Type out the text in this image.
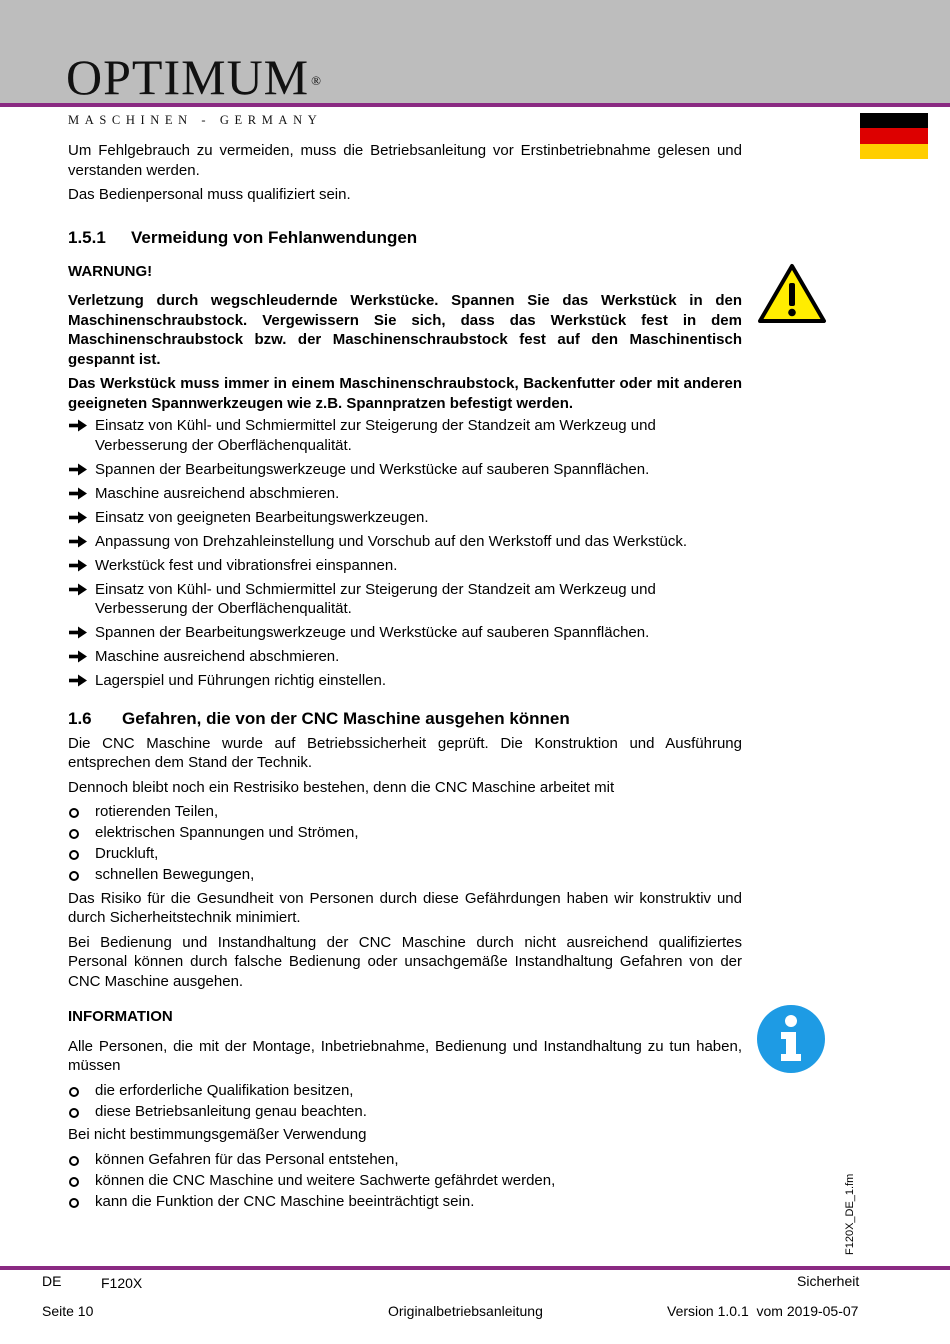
OPTIMUM ®
MASCHINEN - GERMANY

Um Fehlgebrauch zu vermeiden, muss die Betriebsanleitung vor Erstinbetriebnahme gelesen und verstanden werden.

Das Bedienpersonal muss qualifiziert sein.

1.5.1	Vermeidung von Fehlanwendungen

WARNUNG!

Verletzung durch wegschleudernde Werkstücke. Spannen Sie das Werkstück in den Maschinenschraubstock. Vergewissern Sie sich, dass das Werkstück fest in dem Maschinenschraubstock bzw. der Maschinenschraubstock fest auf den Maschinentisch gespannt ist.

Das Werkstück muss immer in einem Maschinenschraubstock, Backenfutter oder mit anderen geeigneten Spannwerkzeugen wie z.B. Spannpratzen befestigt werden.

Einsatz von Kühl- und Schmiermittel zur Steigerung der Standzeit am Werkzeug und Verbesserung der Oberflächenqualität.
Spannen der Bearbeitungswerkzeuge und Werkstücke auf sauberen Spannflächen.
Maschine ausreichend abschmieren.
Einsatz von geeigneten Bearbeitungswerkzeugen.
Anpassung von Drehzahleinstellung und Vorschub auf den Werkstoff und das Werkstück.
Werkstück fest und vibrationsfrei einspannen.
Einsatz von Kühl- und Schmiermittel zur Steigerung der Standzeit am Werkzeug und Verbesserung der Oberflächenqualität.
Spannen der Bearbeitungswerkzeuge und Werkstücke auf sauberen Spannflächen.
Maschine ausreichend abschmieren.
Lagerspiel und Führungen richtig einstellen.
1.6	Gefahren, die von der CNC Maschine ausgehen können

Die CNC Maschine wurde auf Betriebssicherheit geprüft. Die Konstruktion und Ausführung entsprechen dem Stand der Technik.

Dennoch bleibt noch ein Restrisiko bestehen, denn die CNC Maschine arbeitet mit

rotierenden Teilen,
elektrischen Spannungen und Strömen,
Druckluft,
schnellen Bewegungen,

Das Risiko für die Gesundheit von Personen durch diese Gefährdungen haben wir konstruktiv und durch Sicherheitstechnik minimiert.

Bei Bedienung und Instandhaltung der CNC Maschine durch nicht ausreichend qualifiziertes Personal können durch falsche Bedienung oder unsachgemäße Instandhaltung Gefahren von der CNC Maschine ausgehen.

INFORMATION

Alle Personen, die mit der Montage, Inbetriebnahme, Bedienung und Instandhaltung zu tun haben, müssen

die erforderliche Qualifikation besitzen,
diese Betriebsanleitung genau beachten.

Bei nicht bestimmungsgemäßer Verwendung

können Gefahren für das Personal entstehen,
können die CNC Maschine und weitere Sachwerte gefährdet werden,
kann die Funktion der CNC Maschine beeinträchtigt sein.	F120X_DE_1.fm
DE	F120X	Sicherheit
Seite 10	Originalbetriebsanleitung	Version 1.0.1  vom 2019-05-07
